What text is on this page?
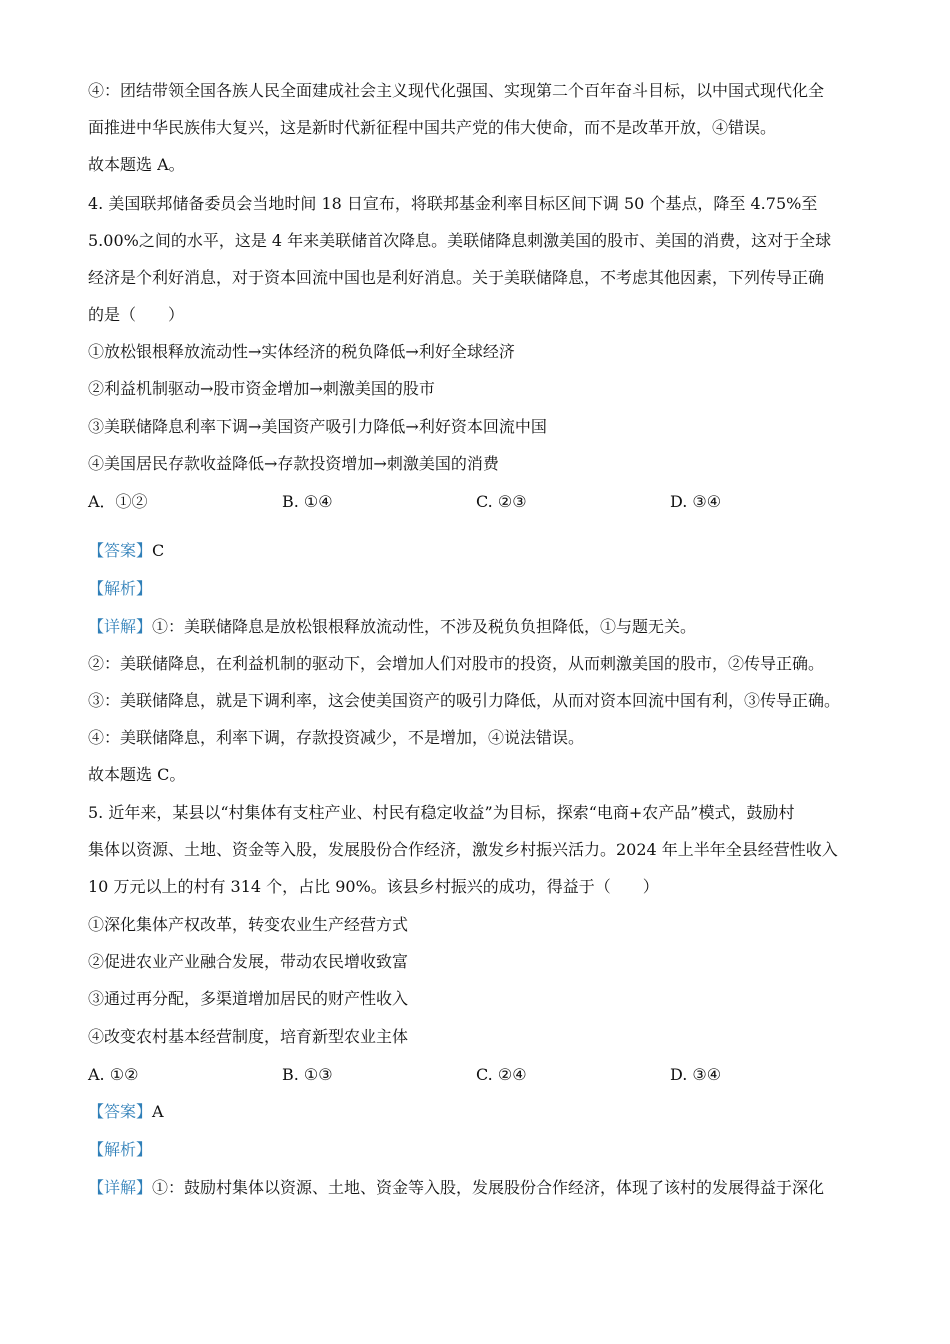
④：团结带领全国各族人民全面建成社会主义现代化强国、实现第二个百年奋斗目标，以中国式现代化全
面推进中华民族伟大复兴，这是新时代新征程中国共产党的伟大使命，而不是改革开放，④错误。
故本题选 A。
4. 美国联邦储备委员会当地时间 18 日宣布，将联邦基金利率目标区间下调 50 个基点，降至 4.75%至
5.00%之间的水平，这是 4 年来美联储首次降息。美联储降息刺激美国的股市、美国的消费，这对于全球
经济是个利好消息，对于资本回流中国也是利好消息。关于美联储降息，不考虑其他因素，下列传导正确
的是（　　）
①放松银根释放流动性→实体经济的税负降低→利好全球经济
②利益机制驱动→股市资金增加→刺激美国的股市
③美联储降息利率下调→美国资产吸引力降低→利好资本回流中国
④美国居民存款收益降低→存款投资增加→刺激美国的消费
A．①②	B. ①④	C. ②③	D. ③④
【答案】C
【解析】
【详解】①：美联储降息是放松银根释放流动性，不涉及税负负担降低，①与题无关。
②：美联储降息，在利益机制的驱动下，会增加人们对股市的投资，从而刺激美国的股市，②传导正确。
③：美联储降息，就是下调利率，这会使美国资产的吸引力降低，从而对资本回流中国有利，③传导正确。
④：美联储降息，利率下调，存款投资减少，不是增加，④说法错误。
故本题选 C。
5. 近年来，某县以“村集体有支柱产业、村民有稳定收益”为目标，探索“电商+农产品”模式，鼓励村
集体以资源、土地、资金等入股，发展股份合作经济，激发乡村振兴活力。2024 年上半年全县经营性收入
10 万元以上的村有 314 个，占比 90%。该县乡村振兴的成功，得益于（　　）
①深化集体产权改革，转变农业生产经营方式
②促进农业产业融合发展，带动农民增收致富
③通过再分配，多渠道增加居民的财产性收入
④改变农村基本经营制度，培育新型农业主体
A. ①②	B. ①③	C. ②④	D. ③④
【答案】A
【解析】
【详解】①：鼓励村集体以资源、土地、资金等入股，发展股份合作经济，体现了该村的发展得益于深化
